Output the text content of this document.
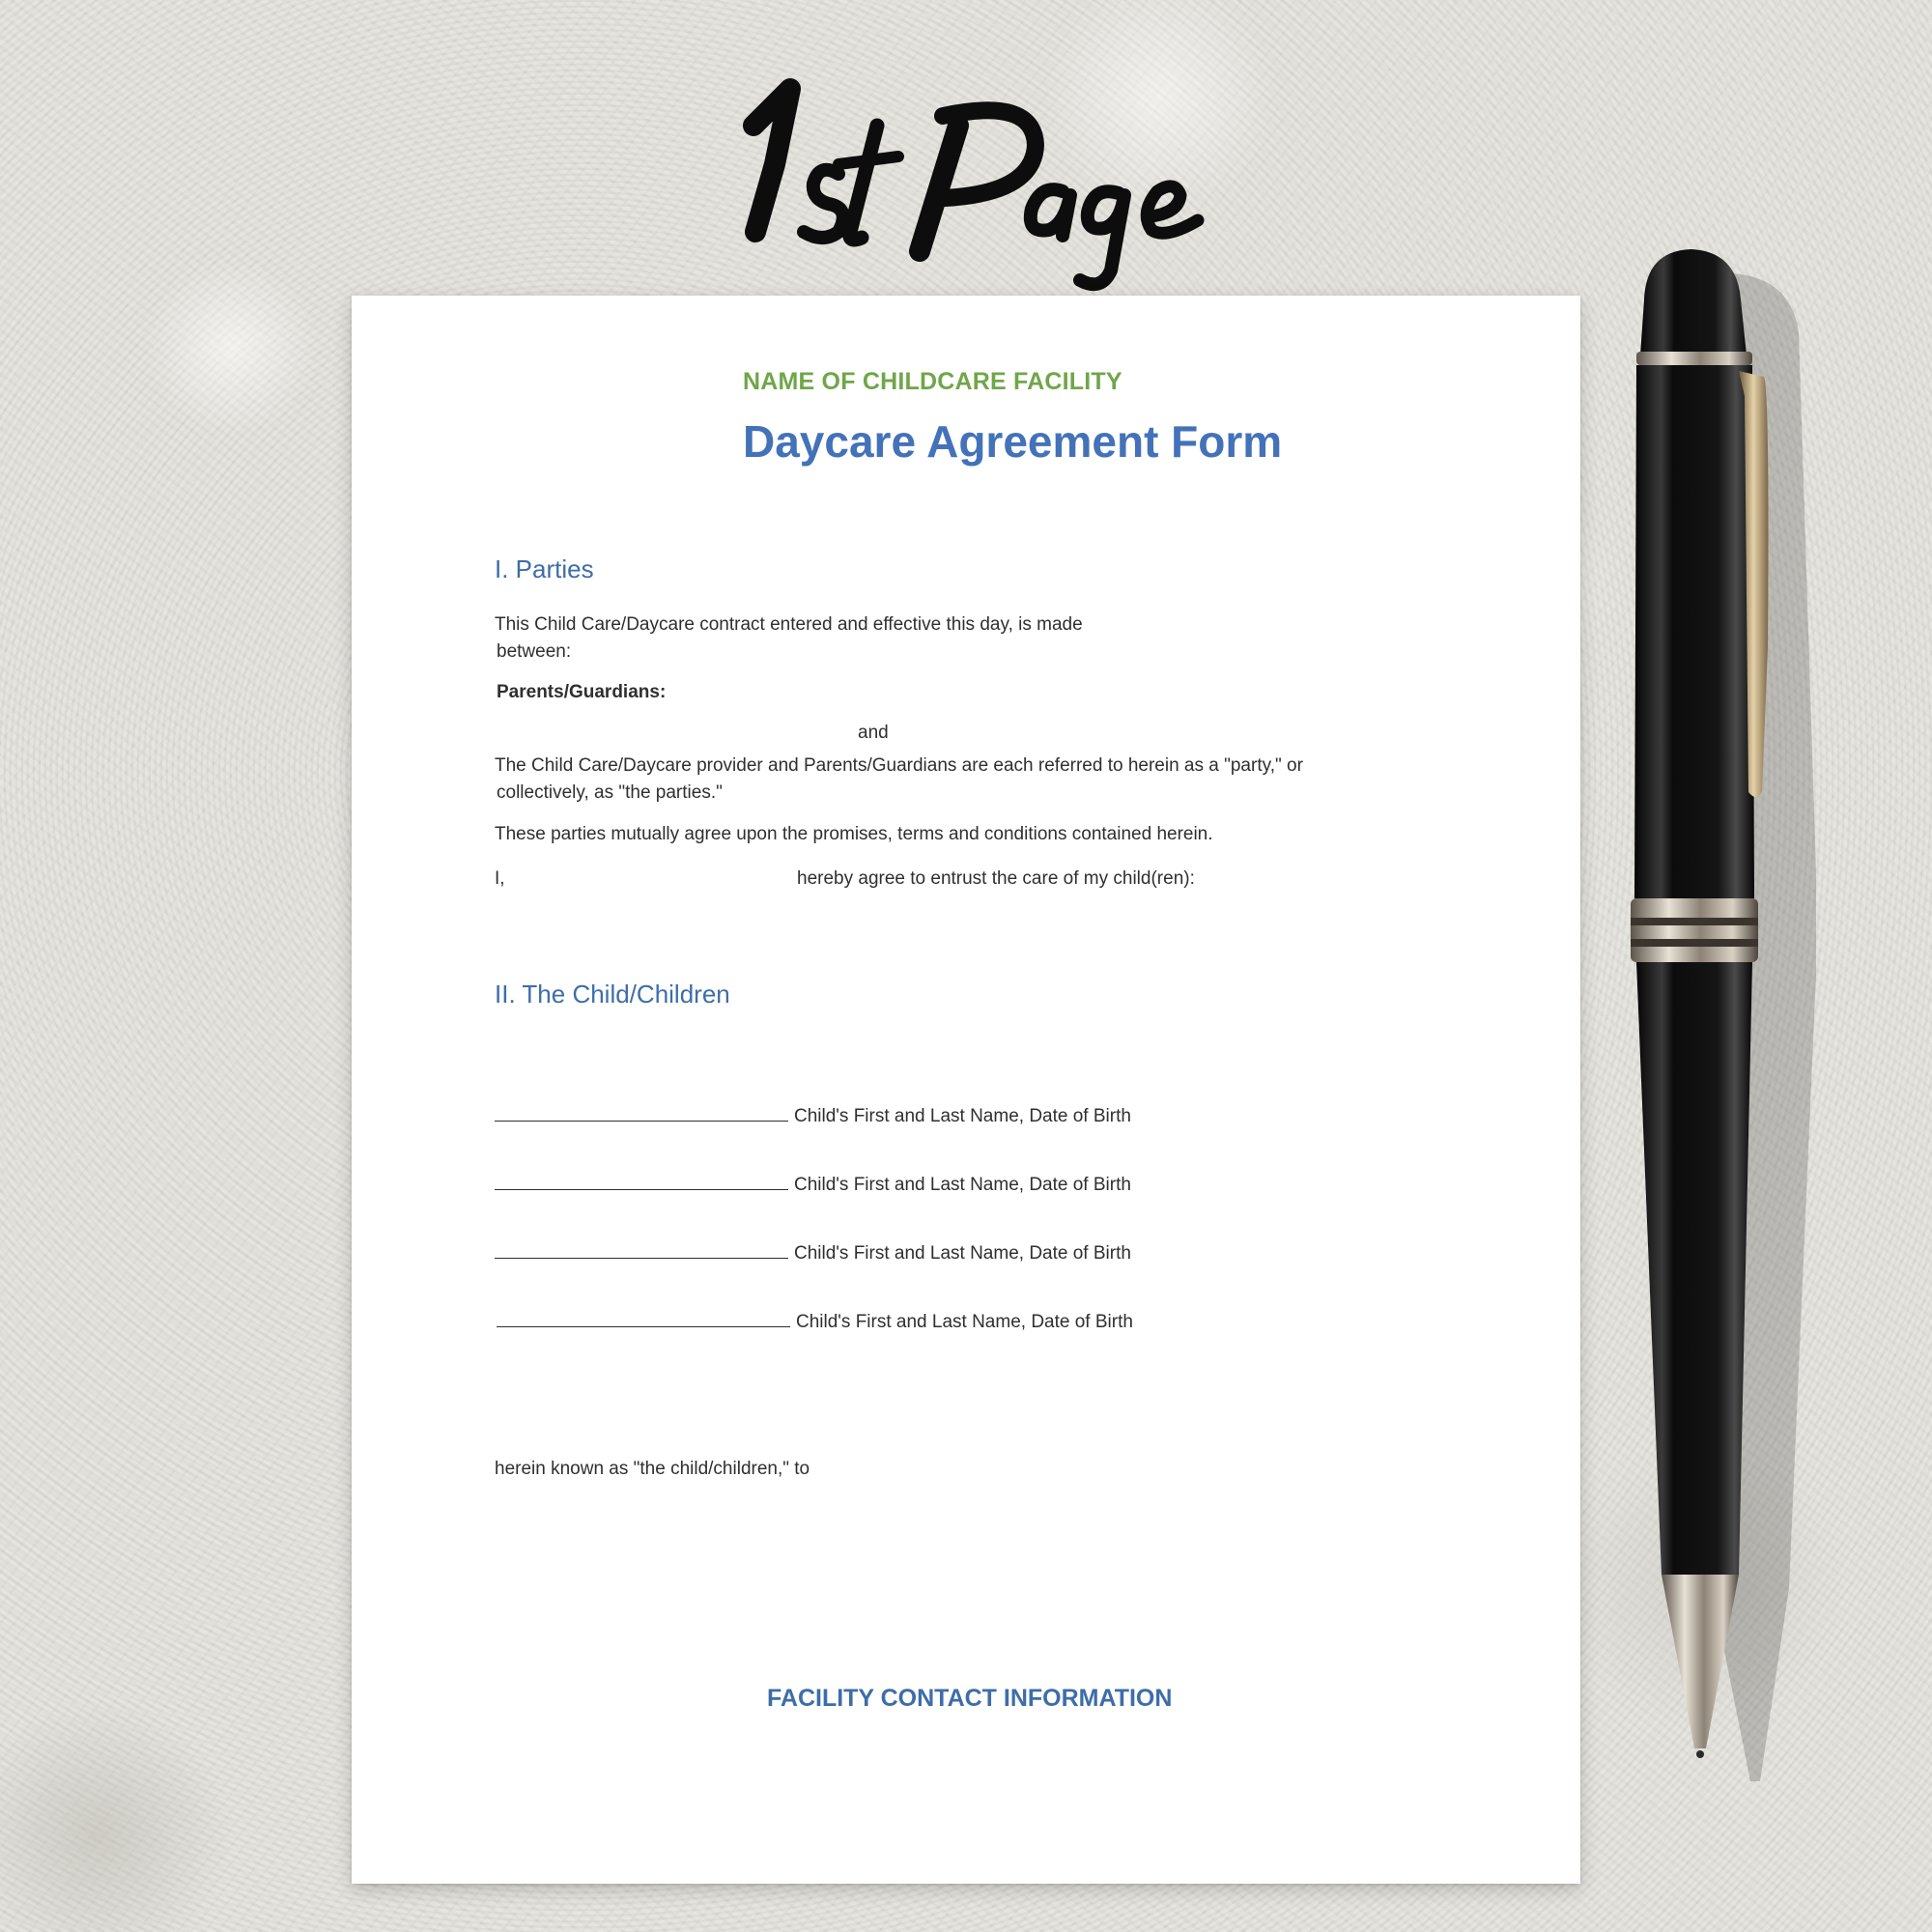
1st Page
NAME OF CHILDCARE FACILITY
Daycare Agreement Form
I. Parties
This Child Care/Daycare contract entered and effective this day, is made
between:
Parents/Guardians:
and
The Child Care/Daycare provider and Parents/Guardians are each referred to herein as a "party," or
collectively, as "the parties."
These parties mutually agree upon the promises, terms and conditions contained herein.
I,	hereby agree to entrust the care of my child(ren):
II. The Child/Children
Child's First and Last Name, Date of Birth
Child's First and Last Name, Date of Birth
Child's First and Last Name, Date of Birth
Child's First and Last Name, Date of Birth
herein known as "the child/children," to
FACILITY CONTACT INFORMATION
